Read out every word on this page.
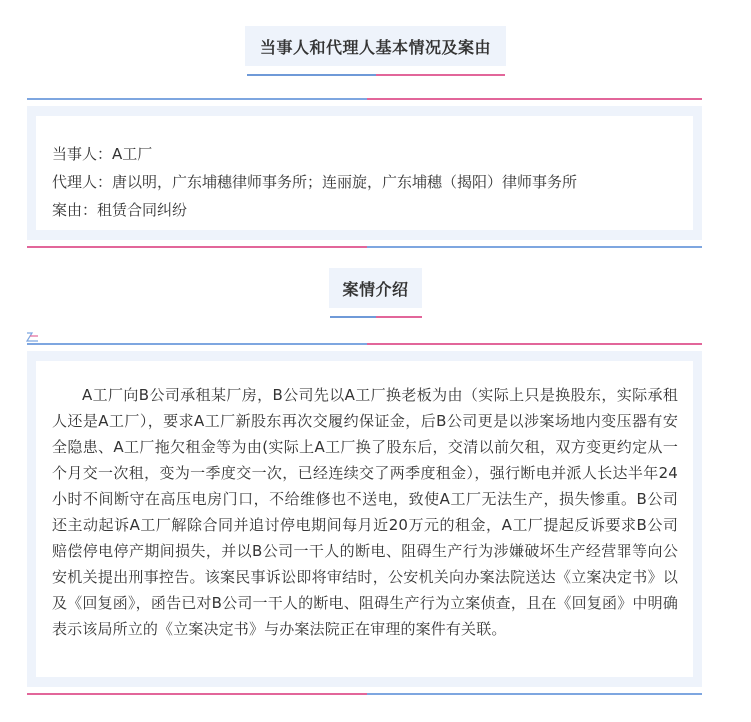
当事人和代理人基本情况及案由
当事人：A工厂
代理人：唐以明，广东埔穗律师事务所；连丽旋，广东埔穗（揭阳）律师事务所
案由：租赁合同纠纷
案情介绍
A工厂向B公司承租某厂房，B公司先以A工厂换老板为由（实际上只是换股东，实际承租人还是A工厂），要求A工厂新股东再次交履约保证金，后B公司更是以涉案场地内变压器有安全隐患、A工厂拖欠租金等为由(实际上A工厂换了股东后，交清以前欠租，双方变更约定从一个月交一次租，变为一季度交一次，已经连续交了两季度租金），强行断电并派人长达半年24小时不间断守在高压电房门口，不给维修也不送电，致使A工厂无法生产，损失惨重。B公司还主动起诉A工厂解除合同并追讨停电期间每月近20万元的租金，A工厂提起反诉要求B公司赔偿停电停产期间损失，并以B公司一干人的断电、阻碍生产行为涉嫌破坏生产经营罪等向公安机关提出刑事控告。该案民事诉讼即将审结时，公安机关向办案法院送达《立案决定书》以及《回复函》，函告已对B公司一干人的断电、阻碍生产行为立案侦查，且在《回复函》中明确表示该局所立的《立案决定书》与办案法院正在审理的案件有关联。
